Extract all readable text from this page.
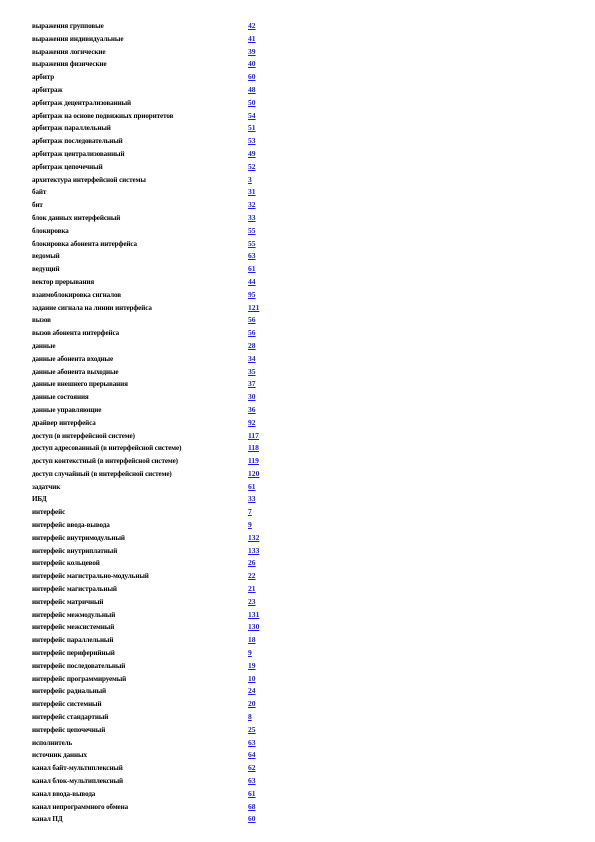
выражения групповые	42
выражения индивидуальные	41
выражения логические	39
выражения физические	40
арбитр	60
арбитраж	48
арбитраж децентрализованный	50
арбитраж на основе подвижных приоритетов	54
арбитраж параллельный	51
арбитраж последовательный	53
арбитраж централизованный	49
арбитраж цепочечный	52
архитектура интерфейсной системы	3
байт	31
бит	32
блок данных интерфейсный	33
блокировка	55
блокировка абонента интерфейса	55
ведомый	63
ведущий	61
вектор прерывания	44
взаимоблокировка сигналов	95
задание сигнала на линии интерфейса	121
вызов	56
вызов абонента интерфейса	56
данные	28
данные абонента входные	34
данные абонента выходные	35
данные внешнего прерывания	37
данные состояния	30
данные управляющие	36
драйвер интерфейса	92
доступ (в интерфейсной системе)	117
доступ адресованный (в интерфейсной системе)	118
доступ контекстный (в интерфейсной системе)	119
доступ случайный (в интерфейсной системе)	120
задатчик	61
ИБД	33
интерфейс	7
интерфейс ввода-вывода	9
интерфейс внутримодульный	132
интерфейс внутриплатный	133
интерфейс кольцевой	26
интерфейс магистрально-модульный	22
интерфейс магистральный	21
интерфейс матричный	23
интерфейс межмодульный	131
интерфейс межсистемный	130
интерфейс параллельный	18
интерфейс периферийный	9
интерфейс последовательный	19
интерфейс программируемый	10
интерфейс радиальный	24
интерфейс системный	20
интерфейс стандартный	8
интерфейс цепочечный	25
исполнитель	63
источник данных	64
канал байт-мультиплексный	62
канал блок-мультиплексный	63
канал ввода-вывода	61
канал непрограммного обмена	68
канал ПД	60
